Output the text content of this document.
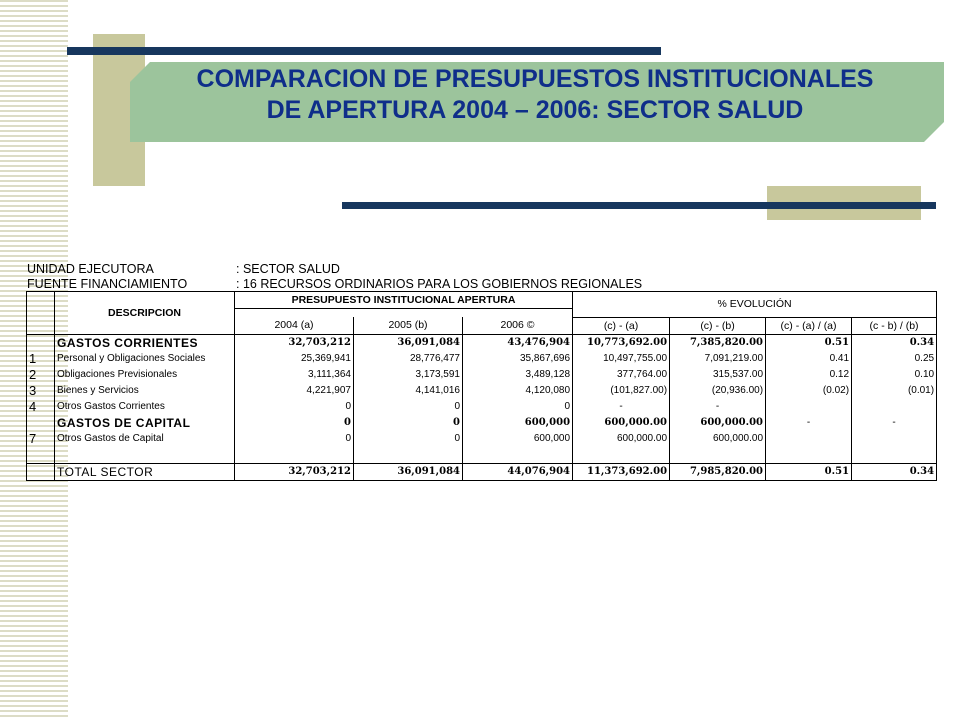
COMPARACION DE PRESUPUESTOS INSTITUCIONALES
DE APERTURA 2004 – 2006: SECTOR SALUD
UNIDAD EJECUTORA	: SECTOR SALUD
FUENTE FINANCIAMIENTO	: 16 RECURSOS ORDINARIOS PARA LOS GOBIERNOS REGIONALES
	DESCRIPCION	PRESUPUESTO INSTITUCIONAL APERTURA			% EVOLUCIÓN			

		2004 (a)	2005 (b)	2006 ©	(c) - (a)	(c) - (b)	(c) - (a) / (a)	(c - b) / (b)
	GASTOS CORRIENTES	32,703,212	36,091,084	43,476,904	10,773,692.00	7,385,820.00	0.51	0.34
1	Personal y Obligaciones Sociales	25,369,941	28,776,477	35,867,696	10,497,755.00	7,091,219.00	0.41	0.25
2	Obligaciones Previsionales	3,111,364	3,173,591	3,489,128	377,764.00	315,537.00	0.12	0.10
3	Bienes y Servicios	4,221,907	4,141,016	4,120,080	(101,827.00)	(20,936.00)	(0.02)	(0.01)
4	Otros Gastos Corrientes	0	0	0	-	-		
	GASTOS DE CAPITAL	0	0	600,000	600,000.00	600,000.00	-	-
7	Otros Gastos de Capital	0	0	600,000	600,000.00	600,000.00		

	TOTAL SECTOR	32,703,212	36,091,084	44,076,904	11,373,692.00	7,985,820.00	0.51	0.34
